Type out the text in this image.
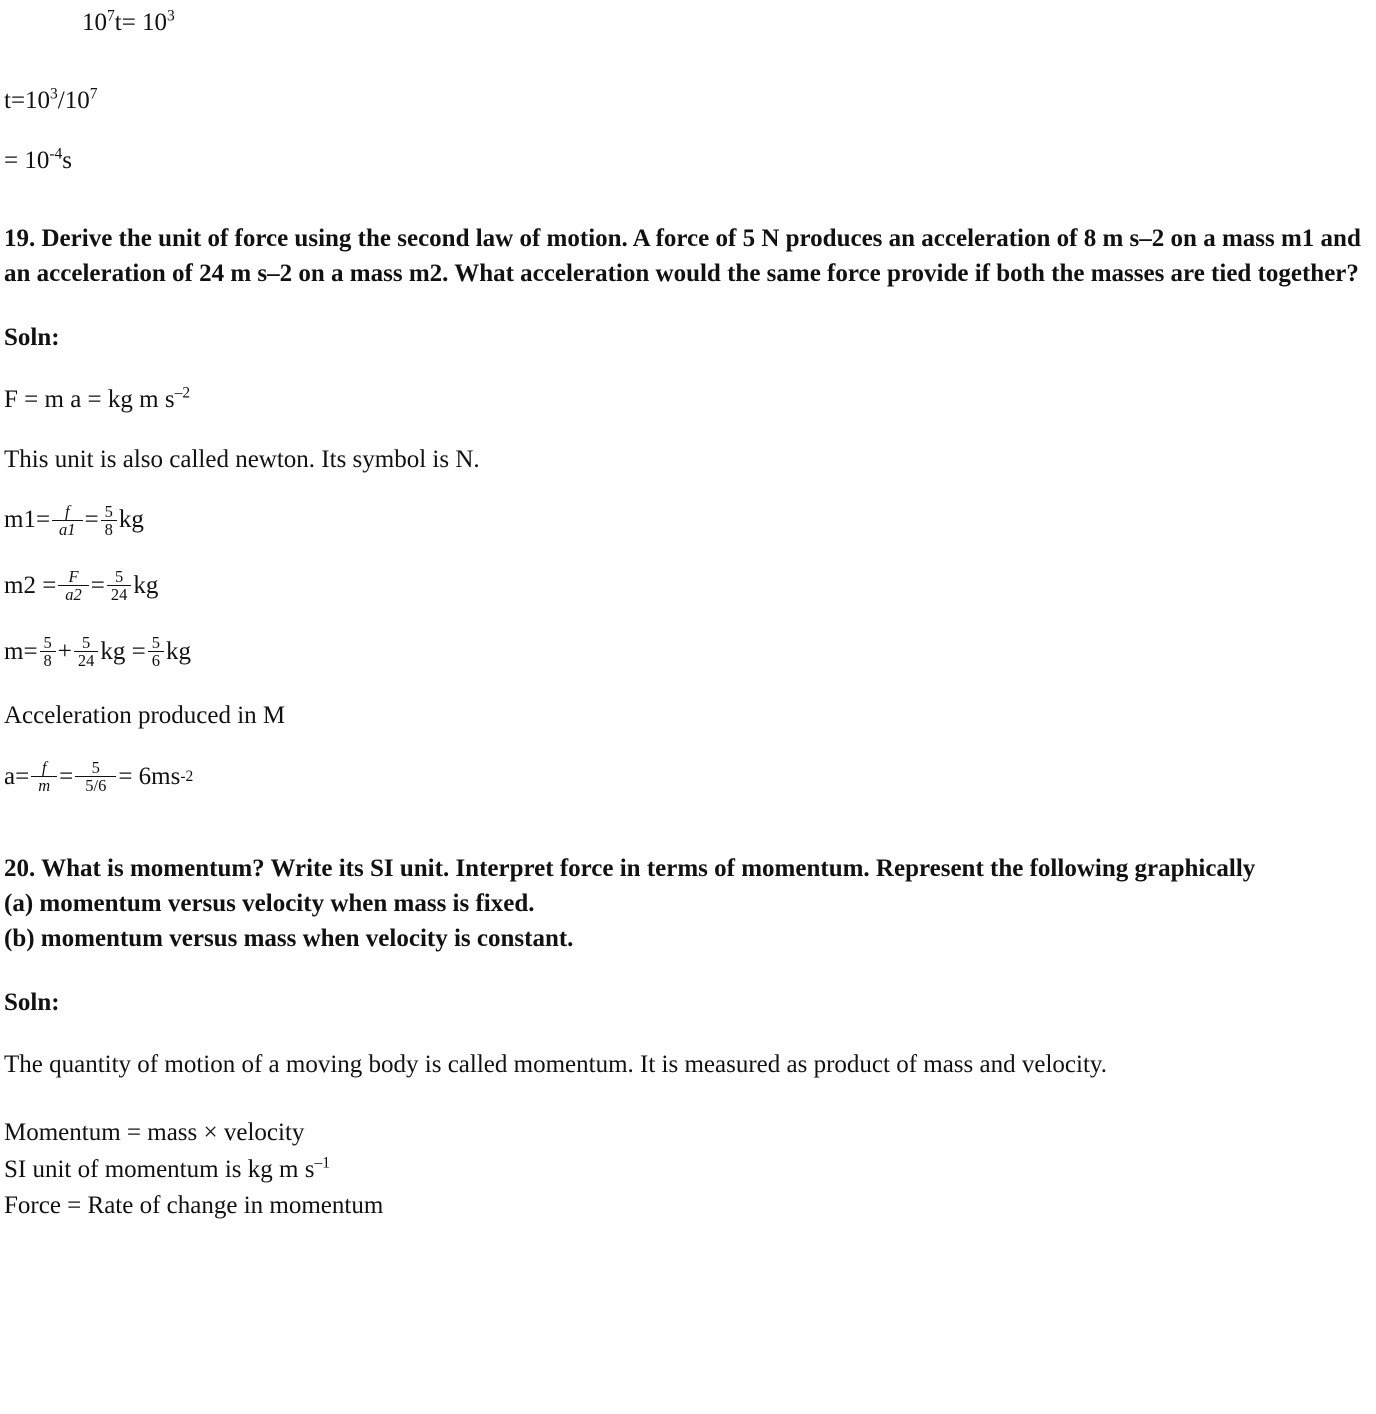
$10^7t= 10^3$
$t=10^3/10^7$
= $10^{-4}s$
19. Derive the unit of force using the second law of motion. A force of 5 N produces an acceleration of 8 m s–2 on a mass m1 and an acceleration of 24 m s–2 on a mass m2. What acceleration would the same force provide if both the masses are tied together?
Soln:
F = m a = kg m $s^{-2}$
This unit is also called newton. Its symbol is N.
$m1= \frac{f}{a1} = \frac{5}{8}$ kg
$m2 = \frac{F}{a2} = \frac{5}{24}$ kg
$m= \frac{5}{8} + \frac{5}{24}$ kg = $\frac{5}{6}$ kg
Acceleration produced in M
$a= \frac{f}{m} = \frac{5}{5/6} = 6ms$ -2
20. What is momentum? Write its SI unit. Interpret force in terms of momentum. Represent the following graphically
(a) momentum versus velocity when mass is fixed.
(b) momentum versus mass when velocity is constant.
Soln:
The quantity of motion of a moving body is called momentum. It is measured as product of mass and velocity.
Momentum = mass × velocity
SI unit of momentum is kg m $s^{-1}$
Force = Rate of change in momentum
